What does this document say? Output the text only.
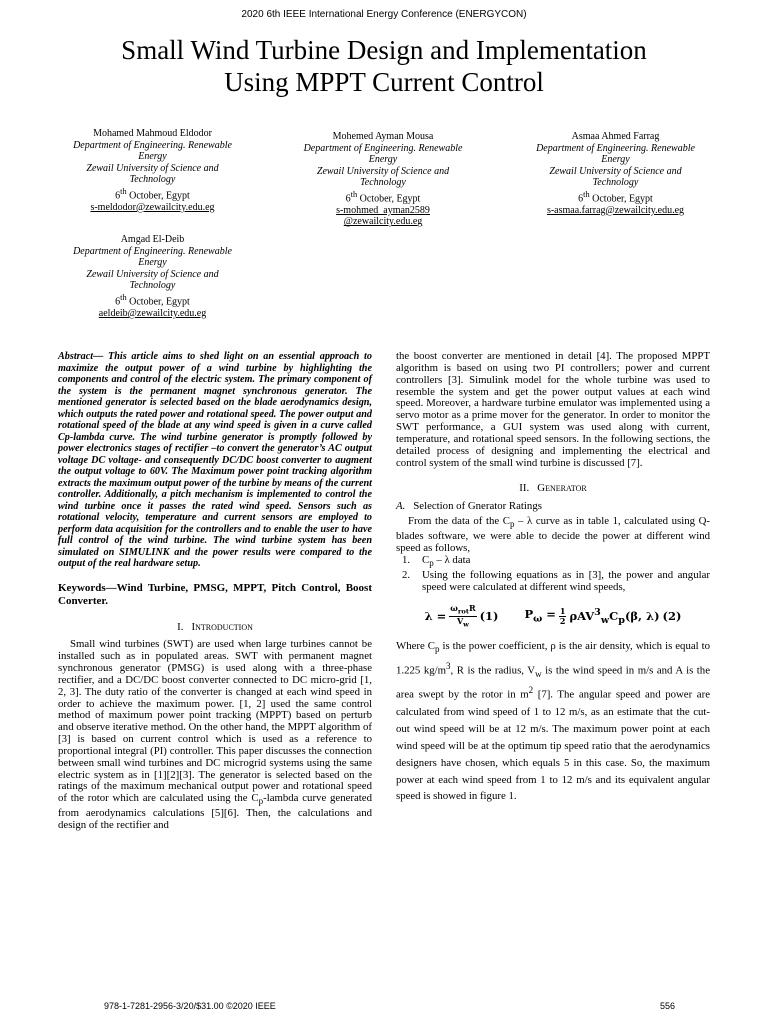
2020 6th IEEE International Energy Conference (ENERGYCON)
Small Wind Turbine Design and Implementation
Using MPPT Current Control
Mohamed Mahmoud Eldodor
Department of Engineering. Renewable
Energy
Zewail University of Science and
Technology
6th October, Egypt
s-meldodor@zewailcity.edu.eg
Mohemed Ayman Mousa
Department of Engineering. Renewable
Energy
Zewail University of Science and
Technology
6th October, Egypt
s-mohmed_ayman2589
@zewailcity.edu.eg
Asmaa Ahmed Farrag
Department of Engineering. Renewable
Energy
Zewail University of Science and
Technology
6th October, Egypt
s-asmaa.farrag@zewailcity.edu.eg
Amgad El-Deib
Department of Engineering. Renewable
Energy
Zewail University of Science and
Technology
6th October, Egypt
aeldeib@zewailcity.edu.eg

Abstract— This article aims to shed light on an essential approach to maximize the output power of a wind turbine by highlighting the components and control of the electric system. The primary component of the system is the permanent magnet synchronous generator. The mentioned generator is selected based on the blade aerodynamics design, which outputs the rated power and rotational speed. The power output and rotational speed of the blade at any wind speed is given in a curve called Cp-lambda curve. The wind turbine generator is promptly followed by power electronics stages of rectifier –to convert the generator’s AC output voltage DC voltage- and consequently DC/DC boost converter to augment the output voltage to 60V. The Maximum power point tracking algorithm extracts the maximum output power of the turbine by means of the current controller. Additionally, a pitch mechanism is implemented to control the wind turbine once it passes the rated wind speed. Sensors such as rotational velocity, temperature and current sensors are employed to perform data acquisition for the controllers and to enable the user to have full control of the wind turbine. The wind turbine system has been simulated on SIMULINK and the power results were compared to the output of the real hardware setup.

Keywords—Wind Turbine, PMSG, MPPT, Pitch Control, Boost Converter.

I. Introduction

Small wind turbines (SWT) are used when large turbines cannot be installed such as in populated areas. SWT with permanent magnet synchronous generator (PMSG) is used along with a three-phase rectifier, and a DC/DC boost converter connected to DC micro-grid [1, 2, 3]. The duty ratio of the converter is changed at each wind speed in order to achieve the maximum power. [1, 2] used the same control method of maximum power point tracking (MPPT) based on perturb and observe iterative method. On the other hand, the MPPT algorithm of [3] is based on current control which is used as a reference to proportional integral (PI) controller. This paper discusses the connection between small wind turbines and DC microgrid systems using the same electric system as in [1][2][3]. The generator is selected based on the ratings of the maximum mechanical output power and rotational speed of the rotor which are calculated using the $C_p$-lambda curve generated from aerodynamics calculations [5][6]. Then, the calculations and design of the rectifier and

the boost converter are mentioned in detail [4]. The proposed MPPT algorithm is based on using two PI controllers; power and current controllers [3]. Simulink model for the whole turbine was used to resemble the system and get the power output values at each wind speed. Moreover, a hardware turbine emulator was implemented using a servo motor as a prime mover for the generator. In order to monitor the SWT performance, a GUI system was used along with current, temperature, and rotational speed sensors. In the following sections, the detailed process of designing and implementing the electrical and control system of the small wind turbine is discussed [7].

II. Generator
A. Selection of Gnerator Ratings

From the data of the $C_p$ – λ curve as in table 1, calculated using Q-blades software, we were able to decide the power at different wind speed as follows,

1. $C_p$ – λ data
2. Using the following equations as in [3], the power and angular speed were calculated at different wind speeds,
$\lambda = \frac{\omega_{rot}R}{V_w} (1) P_\omega = \frac{1}{2} \rho AV^3_wC_p(\beta$, λ) (2)

Where $C_p$ is the power coefficient, ρ is the air density, which is equal to 1.225 $kg/m^3$, R is the radius, $V_w$ is the wind speed in m/s and A is the area swept by the rotor in $m^2$ [7]. The angular speed and power are calculated from wind speed of 1 to 12 m/s, as an estimate that the cut-out wind speed will be at 12 m/s. The maximum power point at each wind speed will be at the optimum tip speed ratio that the aerodynamics designers have chosen, which equals 5 in this case. So, the maximum power at each wind speed from 1 to 12 m/s and its equivalent angular speed is showed in figure 1.

978-1-7281-2956-3/20/$31.00 ©2020 IEEE	556
